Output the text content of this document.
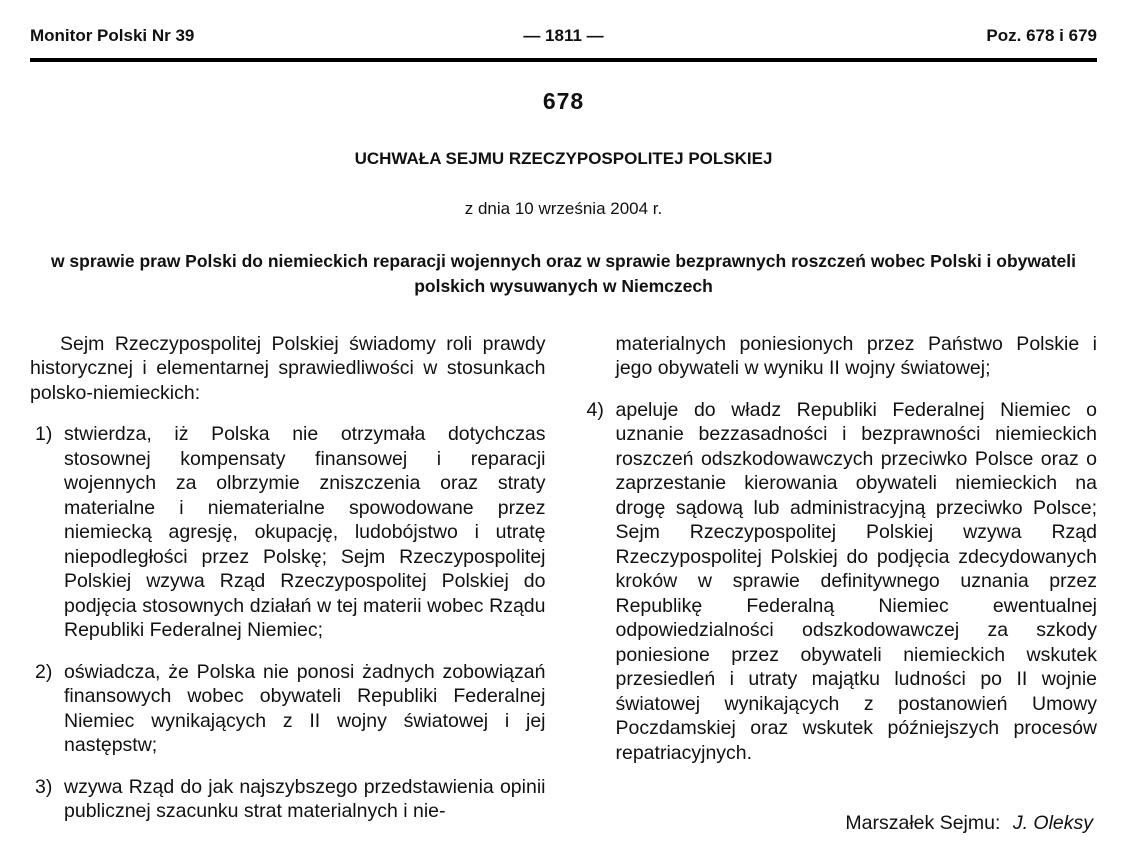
Monitor Polski Nr 39	— 1811 —	Poz. 678 i 679
678
UCHWAŁA SEJMU RZECZYPOSPOLITEJ POLSKIEJ
z dnia 10 września 2004 r.
w sprawie praw Polski do niemieckich reparacji wojennych oraz w sprawie bezprawnych roszczeń wobec Polski i obywateli polskich wysuwanych w Niemczech

Sejm Rzeczypospolitej Polskiej świadomy roli prawdy historycznej i elementarnej sprawiedliwości w stosunkach polsko-niemieckich:

1) stwierdza, iż Polska nie otrzymała dotychczas stosownej kompensaty finansowej i reparacji wojennych za olbrzymie zniszczenia oraz straty materialne i niematerialne spowodowane przez niemiecką agresję, okupację, ludobójstwo i utratę niepodległości przez Polskę; Sejm Rzeczypospolitej Polskiej wzywa Rząd Rzeczypospolitej Polskiej do podjęcia stosownych działań w tej materii wobec Rządu Republiki Federalnej Niemiec;
2) oświadcza, że Polska nie ponosi żadnych zobowiązań finansowych wobec obywateli Republiki Federalnej Niemiec wynikających z II wojny światowej i jej następstw;
3) wzywa Rząd do jak najszybszego przedstawienia opinii publicznej szacunku strat materialnych i nie-

materialnych poniesionych przez Państwo Polskie i jego obywateli w wyniku II wojny światowej;

4) apeluje do władz Republiki Federalnej Niemiec o uznanie bezzasadności i bezprawności niemieckich roszczeń odszkodowawczych przeciwko Polsce oraz o zaprzestanie kierowania obywateli niemieckich na drogę sądową lub administracyjną przeciwko Polsce; Sejm Rzeczypospolitej Polskiej wzywa Rząd Rzeczypospolitej Polskiej do podjęcia zdecydowanych kroków w sprawie definitywnego uznania przez Republikę Federalną Niemiec ewentualnej odpowiedzialności odszkodowawczej za szkody poniesione przez obywateli niemieckich wskutek przesiedleń i utraty majątku ludności po II wojnie światowej wynikających z postanowień Umowy Poczdamskiej oraz wskutek późniejszych procesów repatriacyjnych.

Marszałek Sejmu: J. Oleksy
